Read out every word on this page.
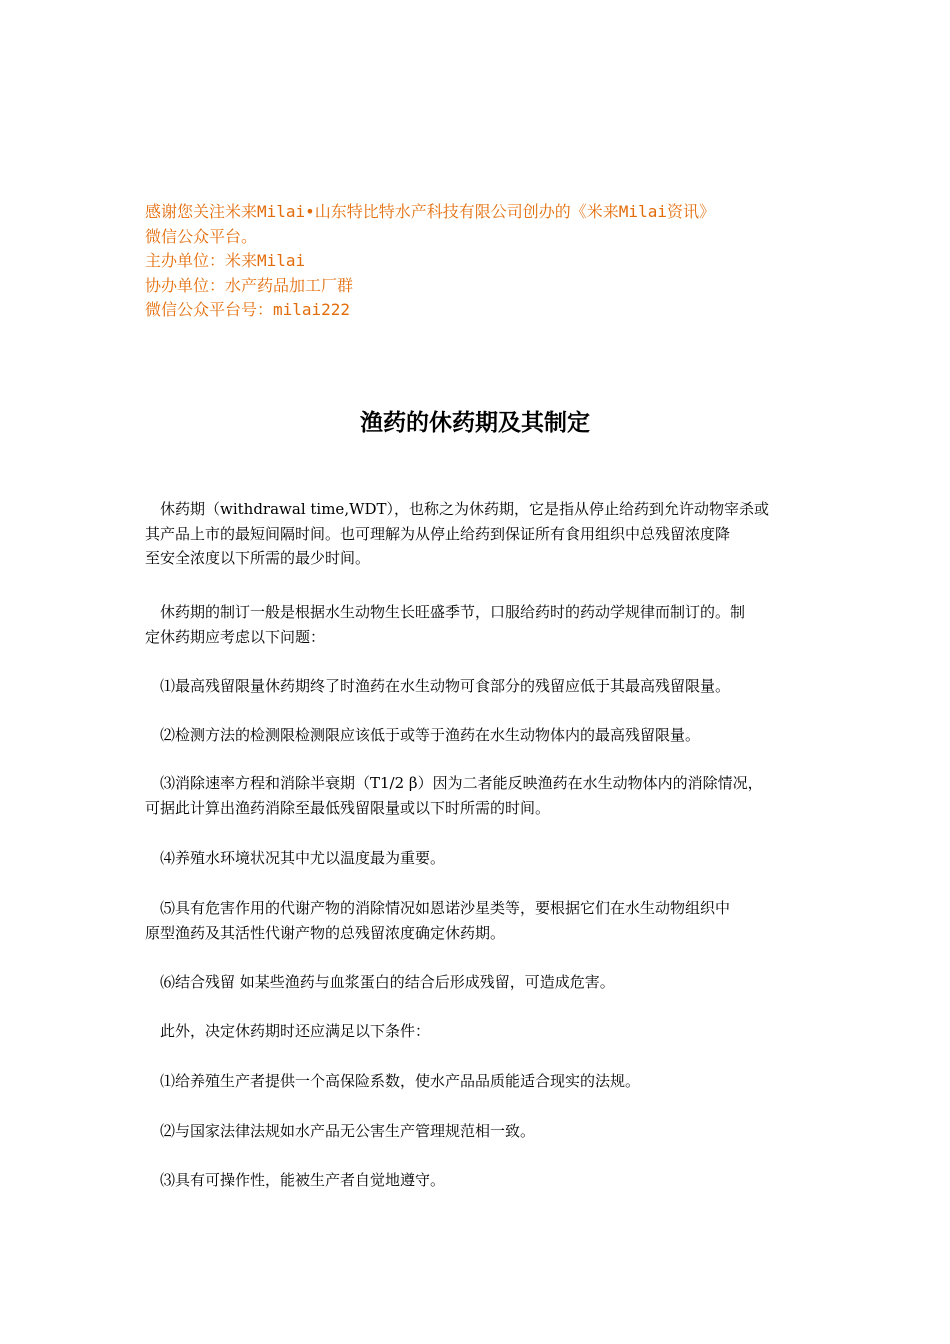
感谢您关注米来Milai•山东特比特水产科技有限公司创办的《米来Milai资讯》
微信公众平台。
主办单位：米来Milai
协办单位：水产药品加工厂群
微信公众平台号：milai222
渔药的休药期及其制定
休药期（withdrawal time,WDT），也称之为休药期，它是指从停止给药到允许动物宰杀或
其产品上市的最短间隔时间。也可理解为从停止给药到保证所有食用组织中总残留浓度降
至安全浓度以下所需的最少时间。
休药期的制订一般是根据水生动物生长旺盛季节，口服给药时的药动学规律而制订的。制
定休药期应考虑以下问题：
⑴最高残留限量休药期终了时渔药在水生动物可食部分的残留应低于其最高残留限量。
⑵检测方法的检测限检测限应该低于或等于渔药在水生动物体内的最高残留限量。
⑶消除速率方程和消除半衰期（T1/2 β）因为二者能反映渔药在水生动物体内的消除情况，
可据此计算出渔药消除至最低残留限量或以下时所需的时间。
⑷养殖水环境状况其中尤以温度最为重要。
⑸具有危害作用的代谢产物的消除情况如恩诺沙星类等，要根据它们在水生动物组织中
原型渔药及其活性代谢产物的总残留浓度确定休药期。
⑹结合残留 如某些渔药与血浆蛋白的结合后形成残留，可造成危害。
此外，决定休药期时还应满足以下条件：
⑴给养殖生产者提供一个高保险系数，使水产品品质能适合现实的法规。
⑵与国家法律法规如水产品无公害生产管理规范相一致。
⑶具有可操作性，能被生产者自觉地遵守。
